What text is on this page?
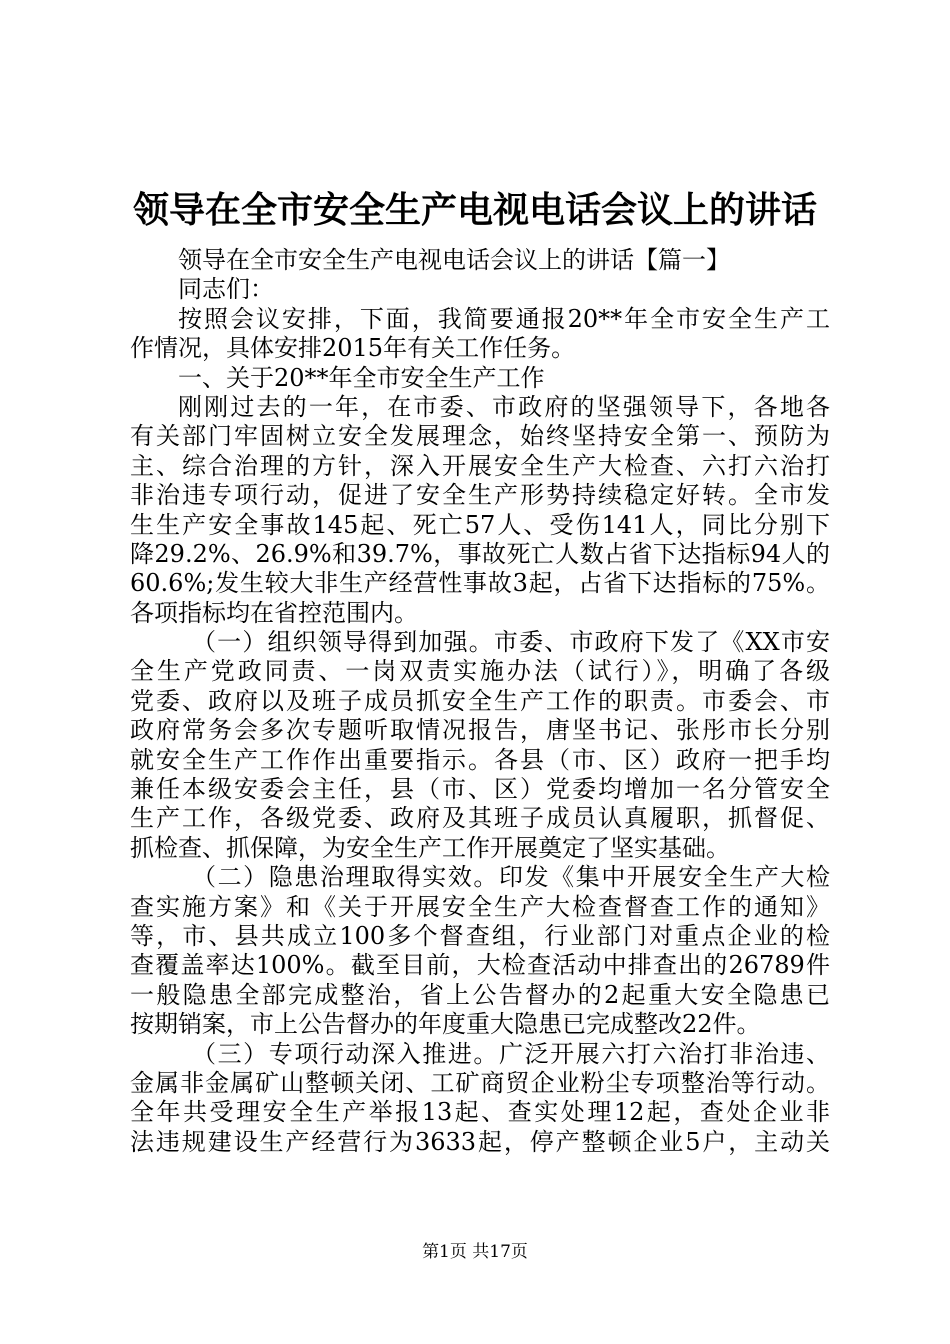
领导在全市安全生产电视电话会议上的讲话
领导在全市安全生产电视电话会议上的讲话【篇一】
同志们：
按照会议安排，下面，我简要通报20**年全市安全生产工
作情况，具体安排2015年有关工作任务。
一、关于20**年全市安全生产工作
刚刚过去的一年，在市委、市政府的坚强领导下，各地各
有关部门牢固树立安全发展理念，始终坚持安全第一、预防为
主、综合治理的方针，深入开展安全生产大检查、六打六治打
非治违专项行动，促进了安全生产形势持续稳定好转。全市发
生生产安全事故145起、死亡57人、受伤141人，同比分别下
降29.2%、26.9%和39.7%，事故死亡人数占省下达指标94人的
60.6%;发生较大非生产经营性事故3起，占省下达指标的75%。
各项指标均在省控范围内。
（一）组织领导得到加强。市委、市政府下发了《XX市安
全生产党政同责、一岗双责实施办法（试行）》，明确了各级
党委、政府以及班子成员抓安全生产工作的职责。市委会、市
政府常务会多次专题听取情况报告，唐坚书记、张彤市长分别
就安全生产工作作出重要指示。各县（市、区）政府一把手均
兼任本级安委会主任，县（市、区）党委均增加一名分管安全
生产工作，各级党委、政府及其班子成员认真履职，抓督促、
抓检查、抓保障，为安全生产工作开展奠定了坚实基础。
（二）隐患治理取得实效。印发《集中开展安全生产大检
查实施方案》和《关于开展安全生产大检查督查工作的通知》
等，市、县共成立100多个督查组，行业部门对重点企业的检
查覆盖率达100%。截至目前，大检查活动中排查出的26789件
一般隐患全部完成整治，省上公告督办的2起重大安全隐患已
按期销案，市上公告督办的年度重大隐患已完成整改22件。
（三）专项行动深入推进。广泛开展六打六治打非治违、
金属非金属矿山整顿关闭、工矿商贸企业粉尘专项整治等行动。
全年共受理安全生产举报13起、查实处理12起，查处企业非
法违规建设生产经营行为3633起，停产整顿企业5户，主动关
第1页 共17页
